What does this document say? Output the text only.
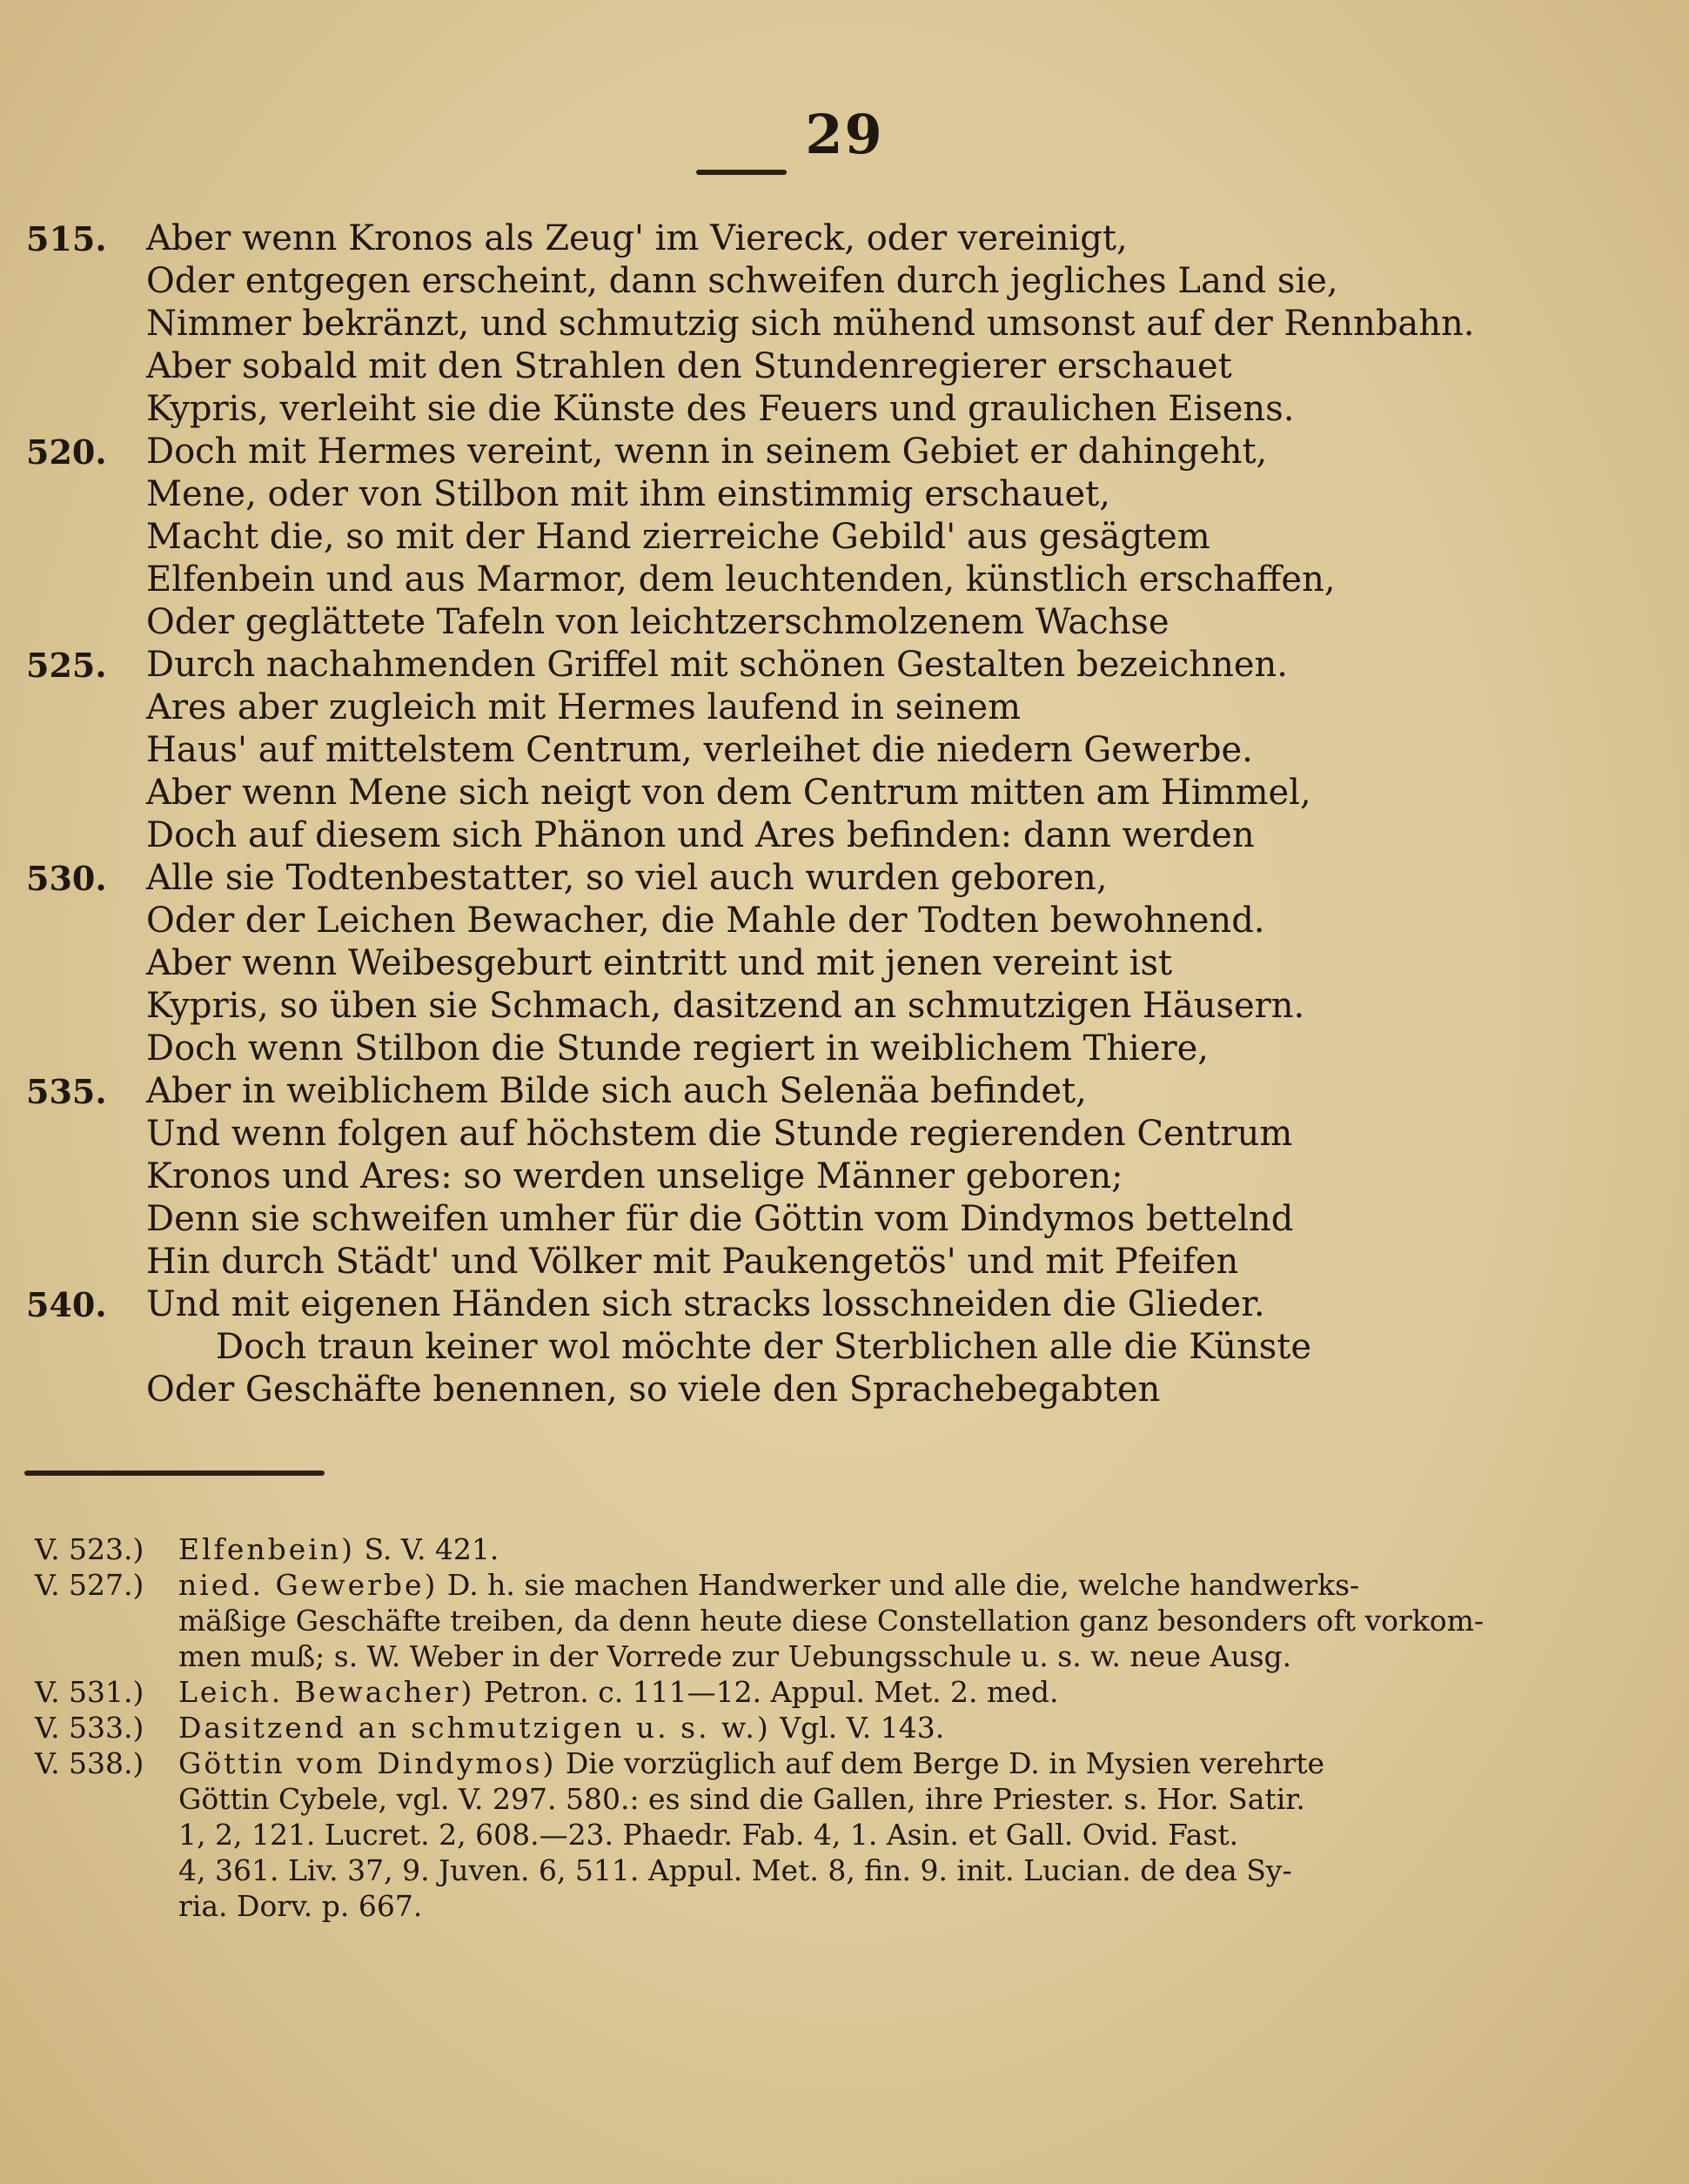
29
515. Aber wenn Kronos als Zeug' im Viereck, oder vereinigt,
Oder entgegen erscheint, dann schweifen durch jegliches Land sie,
Nimmer bekränzt, und schmutzig sich mühend umsonst auf der Rennbahn.
Aber sobald mit den Strahlen den Stundenregierer erschauet
Kypris, verleiht sie die Künste des Feuers und graulichen Eisens.
520. Doch mit Hermes vereint, wenn in seinem Gebiet er dahingeht,
Mene, oder von Stilbon mit ihm einstimmig erschauet,
Macht die, so mit der Hand zierreiche Gebild' aus gesägtem
Elfenbein und aus Marmor, dem leuchtenden, künstlich erschaffen,
Oder geglättete Tafeln von leichtzerschmolzenem Wachse
525. Durch nachahmenden Griffel mit schönen Gestalten bezeichnen.
Ares aber zugleich mit Hermes laufend in seinem
Haus' auf mittelstem Centrum, verleihet die niedern Gewerbe.
Aber wenn Mene sich neigt von dem Centrum mitten am Himmel,
Doch auf diesem sich Phänon und Ares befinden: dann werden
530. Alle sie Todtenbestatter, so viel auch wurden geboren,
Oder der Leichen Bewacher, die Mahle der Todten bewohnend.
Aber wenn Weibesgeburt eintritt und mit jenen vereint ist
Kypris, so üben sie Schmach, dasitzend an schmutzigen Häusern.
Doch wenn Stilbon die Stunde regiert in weiblichem Thiere,
535. Aber in weiblichem Bilde sich auch Selenäa befindet,
Und wenn folgen auf höchstem die Stunde regierenden Centrum
Kronos und Ares: so werden unselige Männer geboren;
Denn sie schweifen umher für die Göttin vom Dindymos bettelnd
Hin durch Städt' und Völker mit Paukengetös' und mit Pfeifen
540. Und mit eigenen Händen sich stracks losschneiden die Glieder.
Doch traun keiner wol möchte der Sterblichen alle die Künste
Oder Geschäfte benennen, so viele den Sprachebegabten
V. 523.)	Elfenbein) S. V. 421.
V. 527.)	nied. Gewerbe) D. h. sie machen Handwerker und alle die, welche handwerks-
mäßige Geschäfte treiben, da denn heute diese Constellation ganz besonders oft vorkom-
men muß; s. W. Weber in der Vorrede zur Uebungsschule u. s. w. neue Ausg.
V. 531.)	Leich. Bewacher) Petron. c. 111—12. Appul. Met. 2. med.
V. 533.)	Dasitzend an schmutzigen u. s. w.) Vgl. V. 143.
V. 538.)	Göttin vom Dindymos) Die vorzüglich auf dem Berge D. in Mysien verehrte
Göttin Cybele, vgl. V. 297. 580.: es sind die Gallen, ihre Priester. s. Hor. Satir.
1, 2, 121. Lucret. 2, 608.—23. Phaedr. Fab. 4, 1. Asin. et Gall. Ovid. Fast.
4, 361. Liv. 37, 9. Juven. 6, 511. Appul. Met. 8, fin. 9. init. Lucian. de dea Sy-
ria. Dorv. p. 667.
